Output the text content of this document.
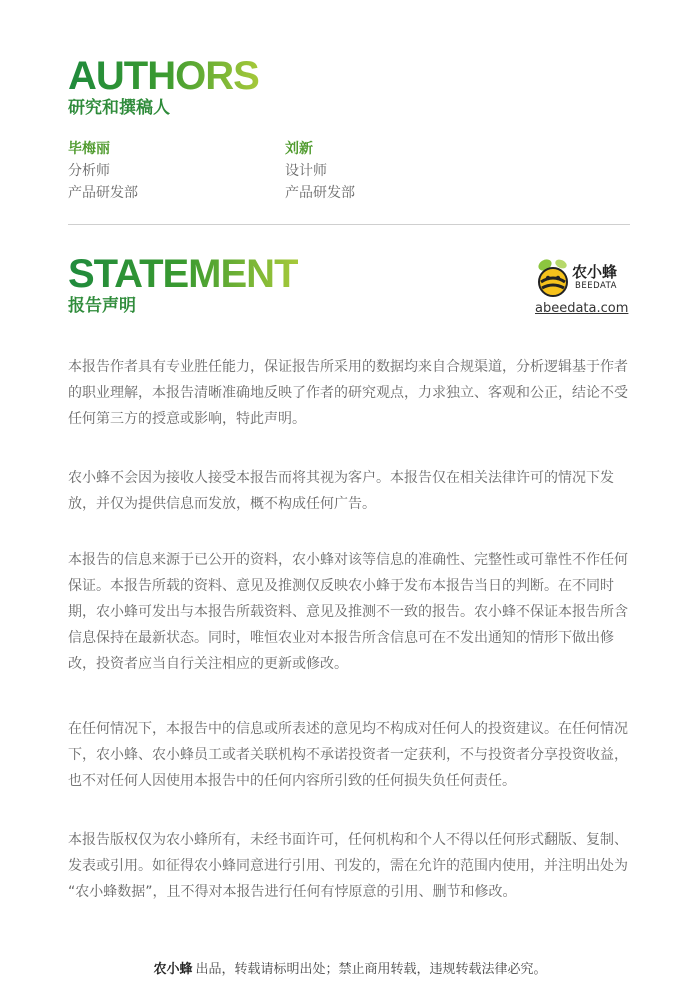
AUTHORS
研究和撰稿人
毕梅丽
分析师
产品研发部
刘新
设计师
产品研发部
STATEMENT
报告声明
农小蜂
BEEDATA
abeedata.com

本报告作者具有专业胜任能力，保证报告所采用的数据均来自合规渠道，分析逻辑基于作者的职业理解，本报告清晰准确地反映了作者的研究观点，力求独立、客观和公正，结论不受任何第三方的授意或影响，特此声明。

农小蜂不会因为接收人接受本报告而将其视为客户。本报告仅在相关法律许可的情况下发放，并仅为提供信息而发放，概不构成任何广告。

本报告的信息来源于已公开的资料，农小蜂对该等信息的准确性、完整性或可靠性不作任何保证。本报告所载的资料、意见及推测仅反映农小蜂于发布本报告当日的判断。在不同时期，农小蜂可发出与本报告所载资料、意见及推测不一致的报告。农小蜂不保证本报告所含信息保持在最新状态。同时，唯恒农业对本报告所含信息可在不发出通知的情形下做出修改，投资者应当自行关注相应的更新或修改。

在任何情况下，本报告中的信息或所表述的意见均不构成对任何人的投资建议。在任何情况下，农小蜂、农小蜂员工或者关联机构不承诺投资者一定获利，不与投资者分享投资收益，也不对任何人因使用本报告中的任何内容所引致的任何损失负任何责任。

本报告版权仅为农小蜂所有，未经书面许可，任何机构和个人不得以任何形式翻版、复制、发表或引用。如征得农小蜂同意进行引用、刊发的，需在允许的范围内使用，并注明出处为 “农小蜂数据”，且不得对本报告进行任何有悖原意的引用、删节和修改。

农小蜂 出品，转载请标明出处；禁止商用转载，违规转载法律必究。
